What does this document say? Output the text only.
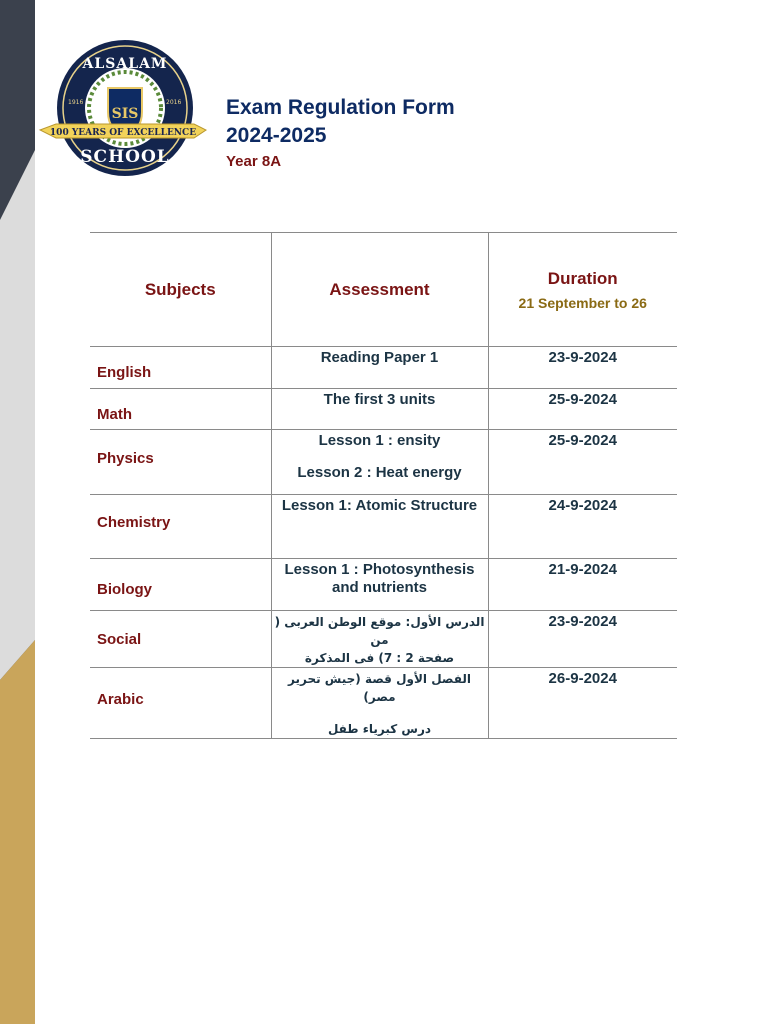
SIS
ALSALAM
SCHOOL
1916	2016
100 YEARS OF EXCELLENCE
Exam Regulation Form
2024-2025
Year 8A
Subjects	Assessment	Duration
21 September to 26

English	Reading Paper 1	23-9-2024

Math	The first 3 units	25-9-2024

Physics	Lesson 1 : ensity
Lesson 2 : Heat energy	25-9-2024

Chemistry	Lesson 1: Atomic Structure	24-9-2024

Biology	Lesson 1 : Photosynthesis
and nutrients	21-9-2024
Social	الدرس الأول: موقع الوطن العربى ( من
صفحة 2 : 7) فى المذكرة	23-9-2024

Arabic	الفصل الأول قصة (جيش تحرير مصر)
درس كبرياء طفل	26-9-2024
